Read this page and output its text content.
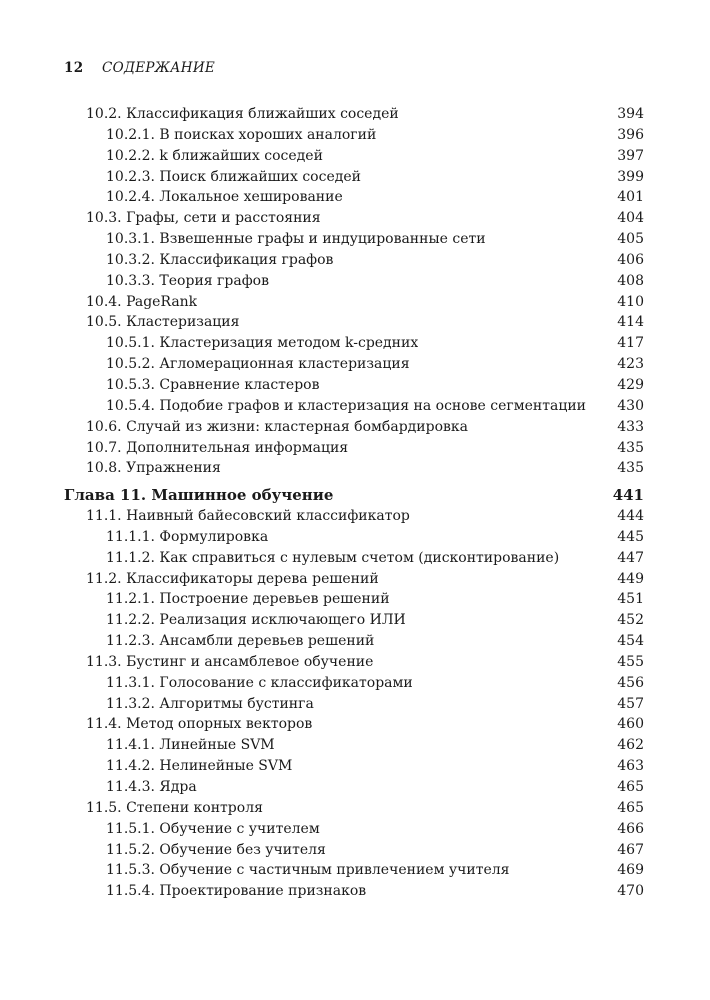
12 СОДЕРЖАНИЕ
10.2. Классификация ближайших соседей	394
10.2.1. В поисках хороших аналогий	396
10.2.2. k ближайших соседей	397
10.2.3. Поиск ближайших соседей	399
10.2.4. Локальное хеширование	401
10.3. Графы, сети и расстояния	404
10.3.1. Взвешенные графы и индуцированные сети	405
10.3.2. Классификация графов	406
10.3.3. Теория графов	408
10.4. PageRank	410
10.5. Кластеризация	414
10.5.1. Кластеризация методом k-средних	417
10.5.2. Агломерационная кластеризация	423
10.5.3. Сравнение кластеров	429
10.5.4. Подобие графов и кластеризация на основе сегментации	430
10.6. Случай из жизни: кластерная бомбардировка	433
10.7. Дополнительная информация	435
10.8. Упражнения	435
Глава 11. Машинное обучение	441
11.1. Наивный байесовский классификатор	444
11.1.1. Формулировка	445
11.1.2. Как справиться с нулевым счетом (дисконтирование)	447
11.2. Классификаторы дерева решений	449
11.2.1. Построение деревьев решений	451
11.2.2. Реализация исключающего ИЛИ	452
11.2.3. Ансамбли деревьев решений	454
11.3. Бустинг и ансамблевое обучение	455
11.3.1. Голосование с классификаторами	456
11.3.2. Алгоритмы бустинга	457
11.4. Метод опорных векторов	460
11.4.1. Линейные SVM	462
11.4.2. Нелинейные SVM	463
11.4.3. Ядра	465
11.5. Степени контроля	465
11.5.1. Обучение с учителем	466
11.5.2. Обучение без учителя	467
11.5.3. Обучение с частичным привлечением учителя	469
11.5.4. Проектирование признаков	470
